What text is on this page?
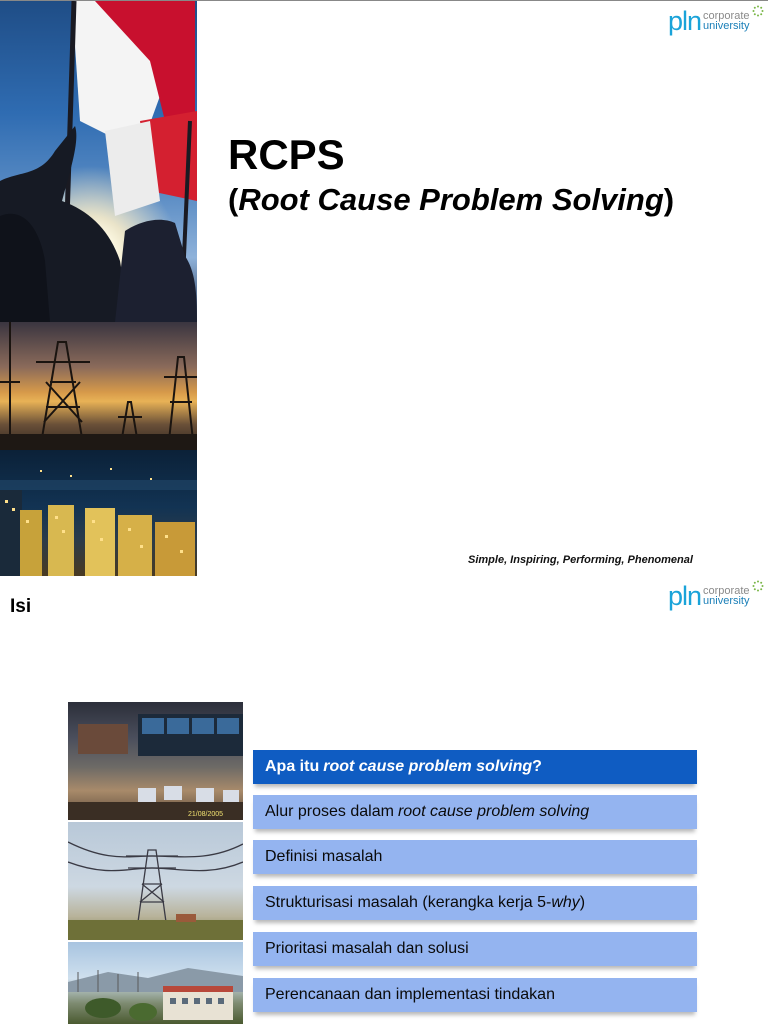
pln corporate
university
RCPS
(Root Cause Problem Solving)
Simple, Inspiring, Performing, Phenomenal
Isi	pln corporate
university
21/08/2005
Apa itu root cause problem solving ?
Alur proses dalam root cause problem solving
Definisi masalah
Strukturisasi masalah (kerangka kerja 5- why )
Prioritasi masalah dan solusi
Perencanaan dan implementasi tindakan
